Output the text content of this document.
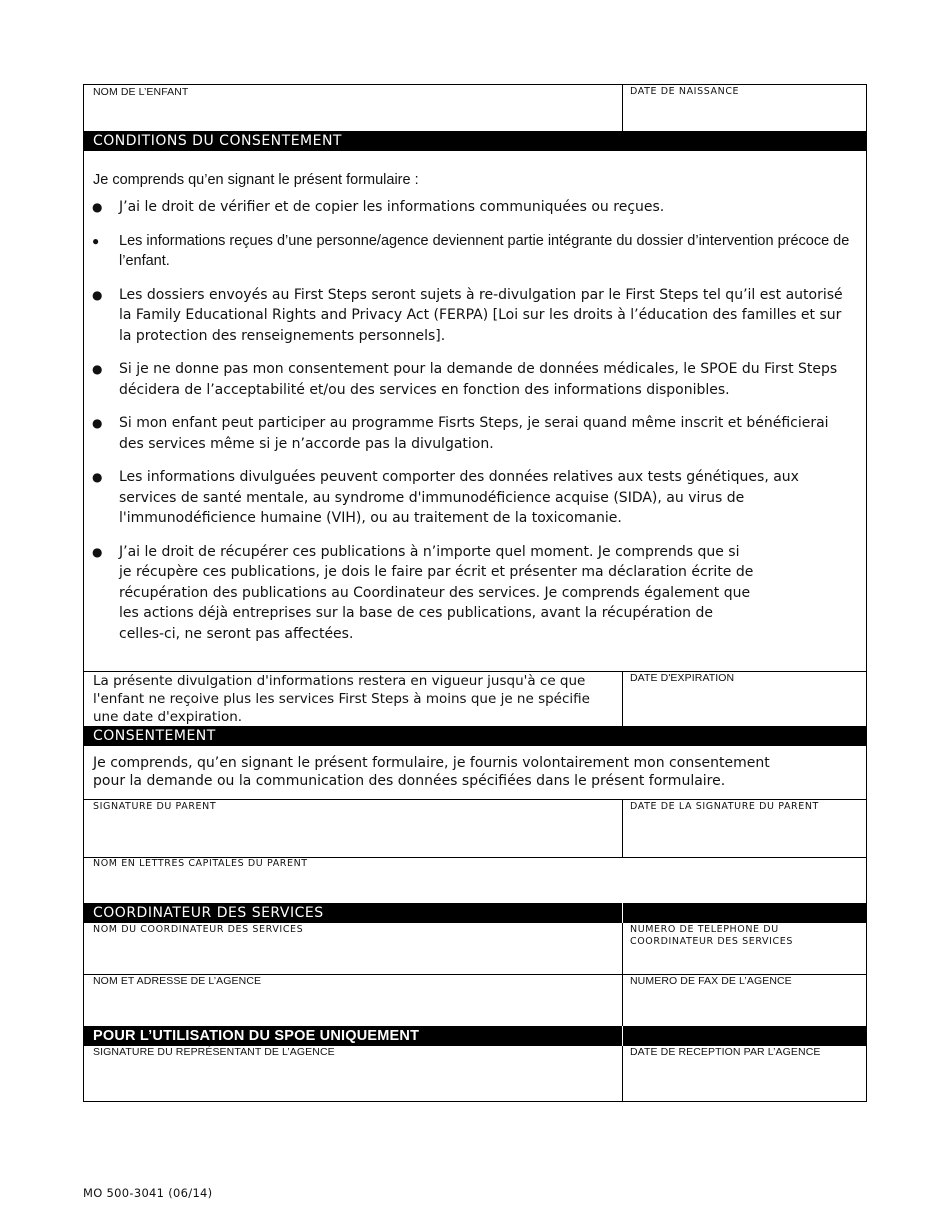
NOM DE L’ENFANT	DATE DE NAISSANCE
CONDITIONS DU CONSENTEMENT
Je comprends qu’en signant le présent formulaire :
● J’ai le droit de vérifier et de copier les informations communiquées ou reçues.
● Les informations reçues d’une personne/agence deviennent partie intégrante du dossier d’intervention précoce de l’enfant.
● Les dossiers envoyés au First Steps seront sujets à re-divulgation par le First Steps tel qu’il est autorisé la Family Educational Rights and Privacy Act (FERPA) [Loi sur les droits à l’éducation des familles et sur la protection des renseignements personnels].
● Si je ne donne pas mon consentement pour la demande de données médicales, le SPOE du First Steps décidera de l’acceptabilité et/ou des services en fonction des informations disponibles.
● Si mon enfant peut participer au programme Fisrts Steps, je serai quand même inscrit et bénéficierai des services même si je n’accorde pas la divulgation.
● Les informations divulguées peuvent comporter des données relatives aux tests génétiques, aux services de santé mentale, au syndrome d'immunodéficience acquise (SIDA), au virus de l'immunodéficience humaine (VIH), ou au traitement de la toxicomanie.
● J’ai le droit de récupérer ces publications à n’importe quel moment. Je comprends que si je récupère ces publications, je dois le faire par écrit et présenter ma déclaration écrite de récupération des publications au Coordinateur des services. Je comprends également que les actions déjà entreprises sur la base de ces publications, avant la récupération de celles-ci, ne seront pas affectées.
La présente divulgation d'informations restera en vigueur jusqu'à ce que l'enfant ne reçoive plus les services First Steps à moins que je ne spécifie une date d'expiration.
DATE D'EXPIRATION
CONSENTEMENT
Je comprends, qu’en signant le présent formulaire, je fournis volontairement mon consentement pour la demande ou la communication des données spécifiées dans le présent formulaire.
SIGNATURE DU PARENT	DATE DE LA SIGNATURE DU PARENT
NOM EN LETTRES CAPITALES DU PARENT
COORDINATEUR DES SERVICES
NOM DU COORDINATEUR DES SERVICES	NUMERO DE TELEPHONE DU COORDINATEUR DES SERVICES
NOM ET ADRESSE DE L’AGENCE	NUMERO DE FAX DE L’AGENCE
POUR L’UTILISATION DU SPOE UNIQUEMENT
SIGNATURE DU REPRÉSENTANT DE L’AGENCE	DATE DE RECEPTION PAR L’AGENCE
MO 500-3041 (06/14)
